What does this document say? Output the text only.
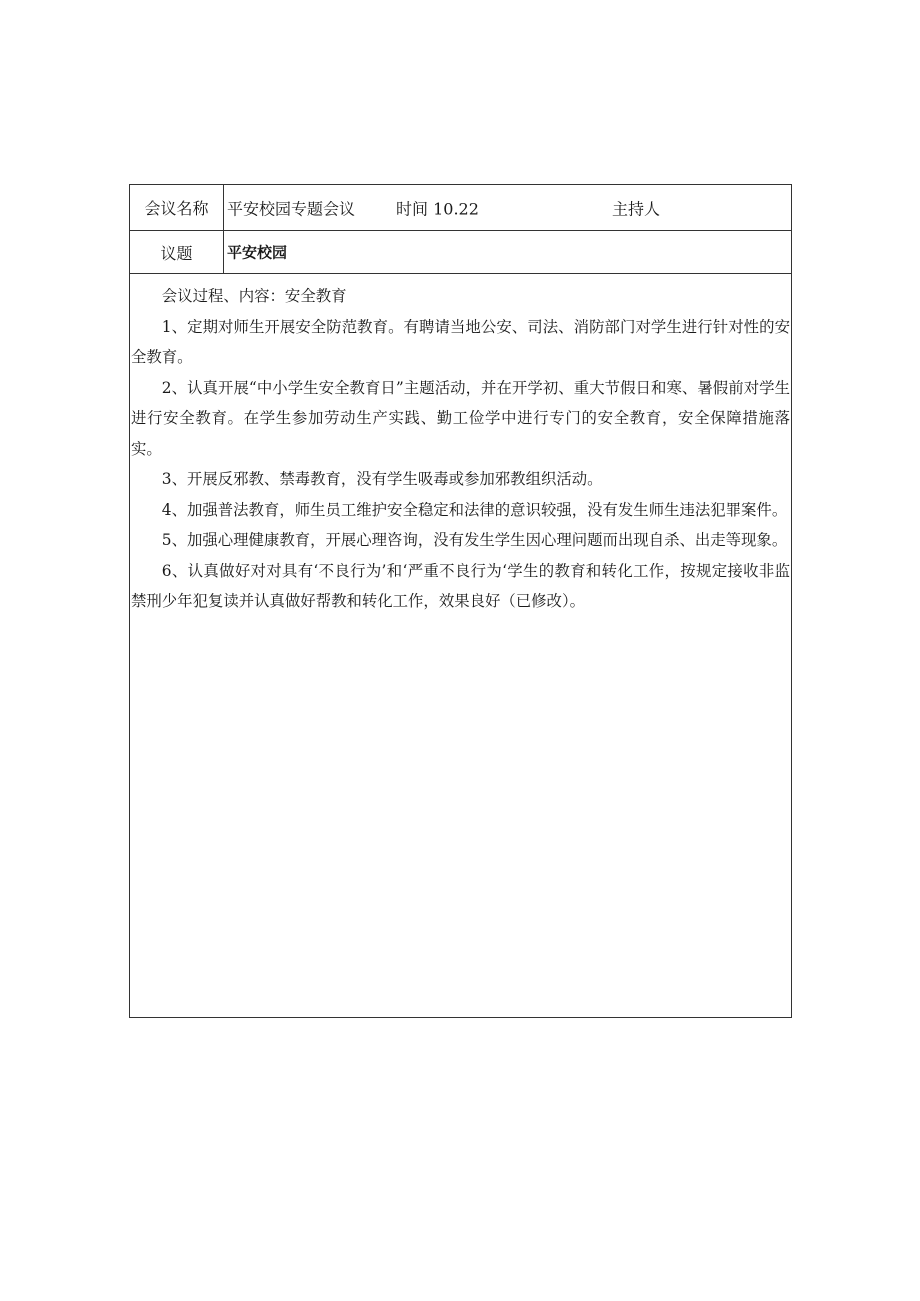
会议名称	平安校园专题会议	时间 10.22	主持人
议题	平安校园

会议过程、内容：安全教育

1、定期对师生开展安全防范教育。有聘请当地公安、司法、消防部门对学生进行针对性的安全教育。

2、认真开展“中小学生安全教育日”主题活动，并在开学初、重大节假日和寒、暑假前对学生进行安全教育。在学生参加劳动生产实践、勤工俭学中进行专门的安全教育，安全保障措施落实。

3、开展反邪教、禁毒教育，没有学生吸毒或参加邪教组织活动。

4、加强普法教育，师生员工维护安全稳定和法律的意识较强，没有发生师生违法犯罪案件。

5、加强心理健康教育，开展心理咨询，没有发生学生因心理问题而出现自杀、出走等现象。

6、认真做好对对具有‘不良行为’和‘严重不良行为‘学生的教育和转化工作，按规定接收非监禁刑少年犯复读并认真做好帮教和转化工作，效果良好（已修改）。
